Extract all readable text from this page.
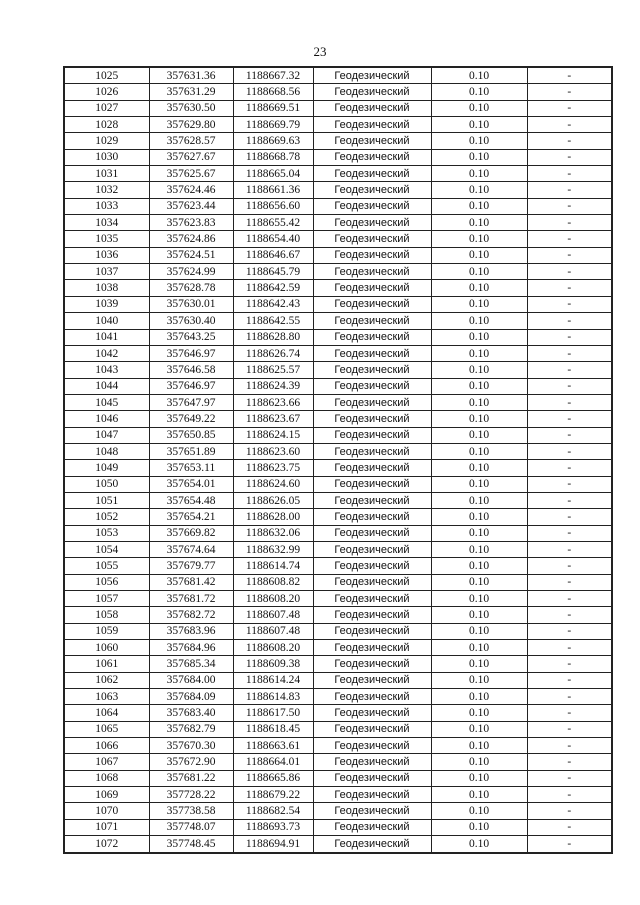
23
1025	357631.36	1188667.32	Геодезический	0.10	-
1026	357631.29	1188668.56	Геодезический	0.10	-
1027	357630.50	1188669.51	Геодезический	0.10	-
1028	357629.80	1188669.79	Геодезический	0.10	-
1029	357628.57	1188669.63	Геодезический	0.10	-
1030	357627.67	1188668.78	Геодезический	0.10	-
1031	357625.67	1188665.04	Геодезический	0.10	-
1032	357624.46	1188661.36	Геодезический	0.10	-
1033	357623.44	1188656.60	Геодезический	0.10	-
1034	357623.83	1188655.42	Геодезический	0.10	-
1035	357624.86	1188654.40	Геодезический	0.10	-
1036	357624.51	1188646.67	Геодезический	0.10	-
1037	357624.99	1188645.79	Геодезический	0.10	-
1038	357628.78	1188642.59	Геодезический	0.10	-
1039	357630.01	1188642.43	Геодезический	0.10	-
1040	357630.40	1188642.55	Геодезический	0.10	-
1041	357643.25	1188628.80	Геодезический	0.10	-
1042	357646.97	1188626.74	Геодезический	0.10	-
1043	357646.58	1188625.57	Геодезический	0.10	-
1044	357646.97	1188624.39	Геодезический	0.10	-
1045	357647.97	1188623.66	Геодезический	0.10	-
1046	357649.22	1188623.67	Геодезический	0.10	-
1047	357650.85	1188624.15	Геодезический	0.10	-
1048	357651.89	1188623.60	Геодезический	0.10	-
1049	357653.11	1188623.75	Геодезический	0.10	-
1050	357654.01	1188624.60	Геодезический	0.10	-
1051	357654.48	1188626.05	Геодезический	0.10	-
1052	357654.21	1188628.00	Геодезический	0.10	-
1053	357669.82	1188632.06	Геодезический	0.10	-
1054	357674.64	1188632.99	Геодезический	0.10	-
1055	357679.77	1188614.74	Геодезический	0.10	-
1056	357681.42	1188608.82	Геодезический	0.10	-
1057	357681.72	1188608.20	Геодезический	0.10	-
1058	357682.72	1188607.48	Геодезический	0.10	-
1059	357683.96	1188607.48	Геодезический	0.10	-
1060	357684.96	1188608.20	Геодезический	0.10	-
1061	357685.34	1188609.38	Геодезический	0.10	-
1062	357684.00	1188614.24	Геодезический	0.10	-
1063	357684.09	1188614.83	Геодезический	0.10	-
1064	357683.40	1188617.50	Геодезический	0.10	-
1065	357682.79	1188618.45	Геодезический	0.10	-
1066	357670.30	1188663.61	Геодезический	0.10	-
1067	357672.90	1188664.01	Геодезический	0.10	-
1068	357681.22	1188665.86	Геодезический	0.10	-
1069	357728.22	1188679.22	Геодезический	0.10	-
1070	357738.58	1188682.54	Геодезический	0.10	-
1071	357748.07	1188693.73	Геодезический	0.10	-
1072	357748.45	1188694.91	Геодезический	0.10	-
